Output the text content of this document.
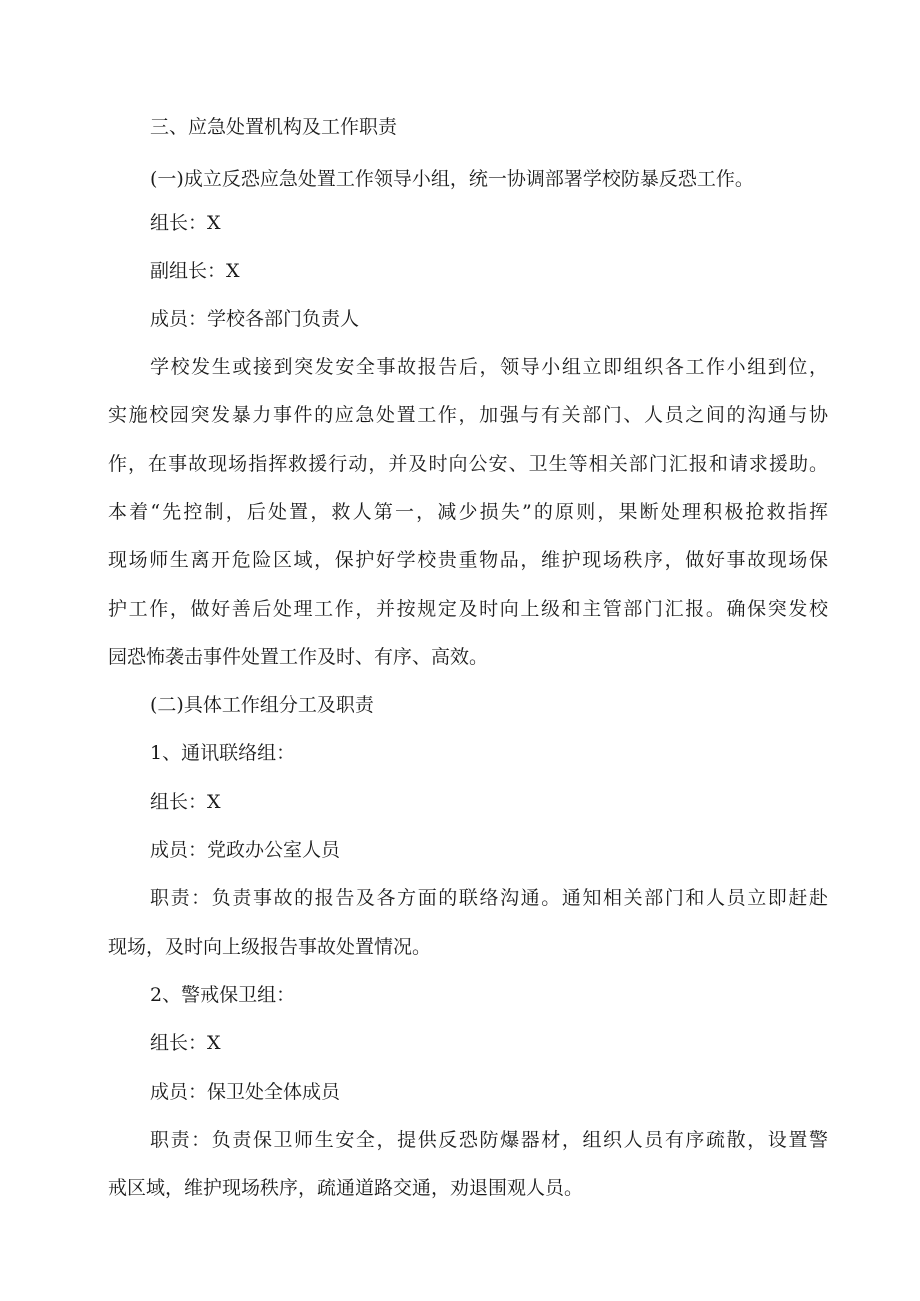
三、应急处置机构及工作职责
(一)成立反恐应急处置工作领导小组，统一协调部署学校防暴反恐工作。
组长：X
副组长：X
成员：学校各部门负责人
学校发生或接到突发安全事故报告后，领导小组立即组织各工作小组到位，
实施校园突发暴力事件的应急处置工作，加强与有关部门、人员之间的沟通与协
作，在事故现场指挥救援行动，并及时向公安、卫生等相关部门汇报和请求援助。
本着“先控制，后处置，救人第一，减少损失”的原则，果断处理积极抢救指挥
现场师生离开危险区域，保护好学校贵重物品，维护现场秩序，做好事故现场保
护工作，做好善后处理工作，并按规定及时向上级和主管部门汇报。确保突发校
园恐怖袭击事件处置工作及时、有序、高效。
(二)具体工作组分工及职责
1、通讯联络组：
组长：X
成员：党政办公室人员
职责：负责事故的报告及各方面的联络沟通。通知相关部门和人员立即赶赴
现场，及时向上级报告事故处置情况。
2、警戒保卫组：
组长：X
成员：保卫处全体成员
职责：负责保卫师生安全，提供反恐防爆器材，组织人员有序疏散，设置警
戒区域，维护现场秩序，疏通道路交通，劝退围观人员。
